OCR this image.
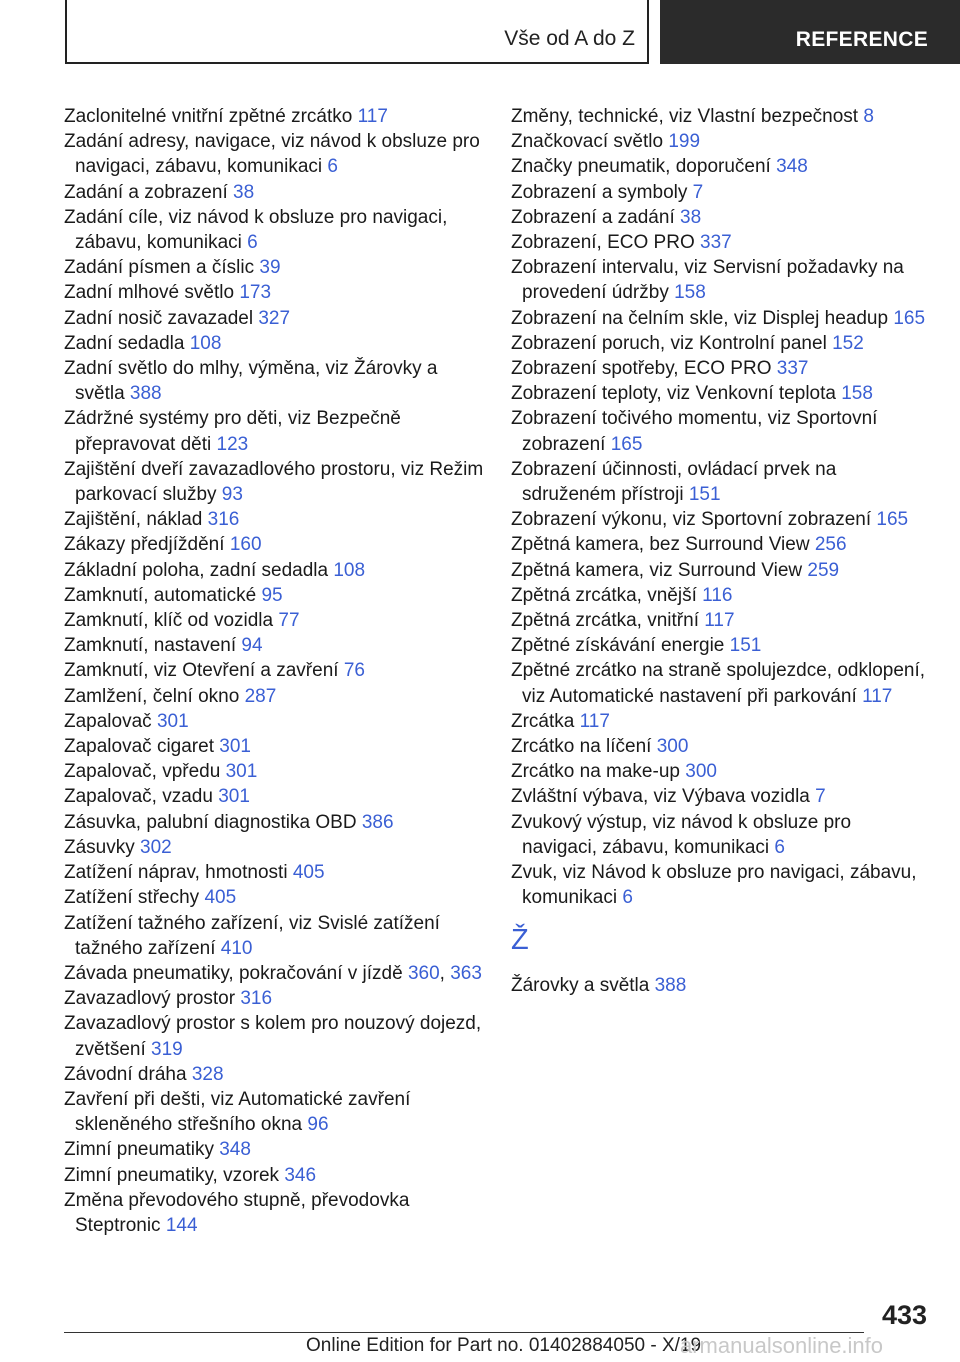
Vše od A do Z	REFERENCE
Zaclonitelné vnitřní zpětné zrcátko 117
Zadání adresy, navigace, viz návod k obsluze pro navigaci, zábavu, komunikaci 6
Zadání a zobrazení 38
Zadání cíle, viz návod k obsluze pro navigaci, zábavu, komunikaci 6
Zadání písmen a číslic 39
Zadní mlhové světlo 173
Zadní nosič zavazadel 327
Zadní sedadla 108
Zadní světlo do mlhy, výměna, viz Žárovky a světla 388
Zádržné systémy pro děti, viz Bezpečně přepravovat děti 123
Zajištění dveří zavazadlového prostoru, viz Režim parkovací služby 93
Zajištění, náklad 316
Zákazy předjíždění 160
Základní poloha, zadní sedadla 108
Zamknutí, automatické 95
Zamknutí, klíč od vozidla 77
Zamknutí, nastavení 94
Zamknutí, viz Otevření a zavření 76
Zamlžení, čelní okno 287
Zapalovač 301
Zapalovač cigaret 301
Zapalovač, vpředu 301
Zapalovač, vzadu 301
Zásuvka, palubní diagnostika OBD 386
Zásuvky 302
Zatížení náprav, hmotnosti 405
Zatížení střechy 405
Zatížení tažného zařízení, viz Svislé zatížení tažného zařízení 410
Závada pneumatiky, pokračování v jízdě 360, 363
Zavazadlový prostor 316
Zavazadlový prostor s kolem pro nouzový dojezd, zvětšení 319
Závodní dráha 328
Zavření při dešti, viz Automatické zavření skleněného střešního okna 96
Zimní pneumatiky 348
Zimní pneumatiky, vzorek 346
Změna převodového stupně, převodovka Steptronic 144
Změny, technické, viz Vlastní bezpečnost 8
Značkovací světlo 199
Značky pneumatik, doporučení 348
Zobrazení a symboly 7
Zobrazení a zadání 38
Zobrazení, ECO PRO 337
Zobrazení intervalu, viz Servisní požadavky na provedení údržby 158
Zobrazení na čelním skle, viz Displej headup 165
Zobrazení poruch, viz Kontrolní panel 152
Zobrazení spotřeby, ECO PRO 337
Zobrazení teploty, viz Venkovní teplota 158
Zobrazení točivého momentu, viz Sportovní zobrazení 165
Zobrazení účinnosti, ovládací prvek na sdruženém přístroji 151
Zobrazení výkonu, viz Sportovní zobrazení 165
Zpětná kamera, bez Surround View 256
Zpětná kamera, viz Surround View 259
Zpětná zrcátka, vnější 116
Zpětná zrcátka, vnitřní 117
Zpětné získávání energie 151
Zpětné zrcátko na straně spolujezdce, odklopení, viz Automatické nastavení při parkování 117
Zrcátka 117
Zrcátko na líčení 300
Zrcátko na make-up 300
Zvláštní výbava, viz Výbava vozidla 7
Zvukový výstup, viz návod k obsluze pro navigaci, zábavu, komunikaci 6
Zvuk, viz Návod k obsluze pro navigaci, zábavu, komunikaci 6
Ž
Žárovky a světla 388
433
Online Edition for Part no. 01402884050 - X/19
armanualsonline.info
